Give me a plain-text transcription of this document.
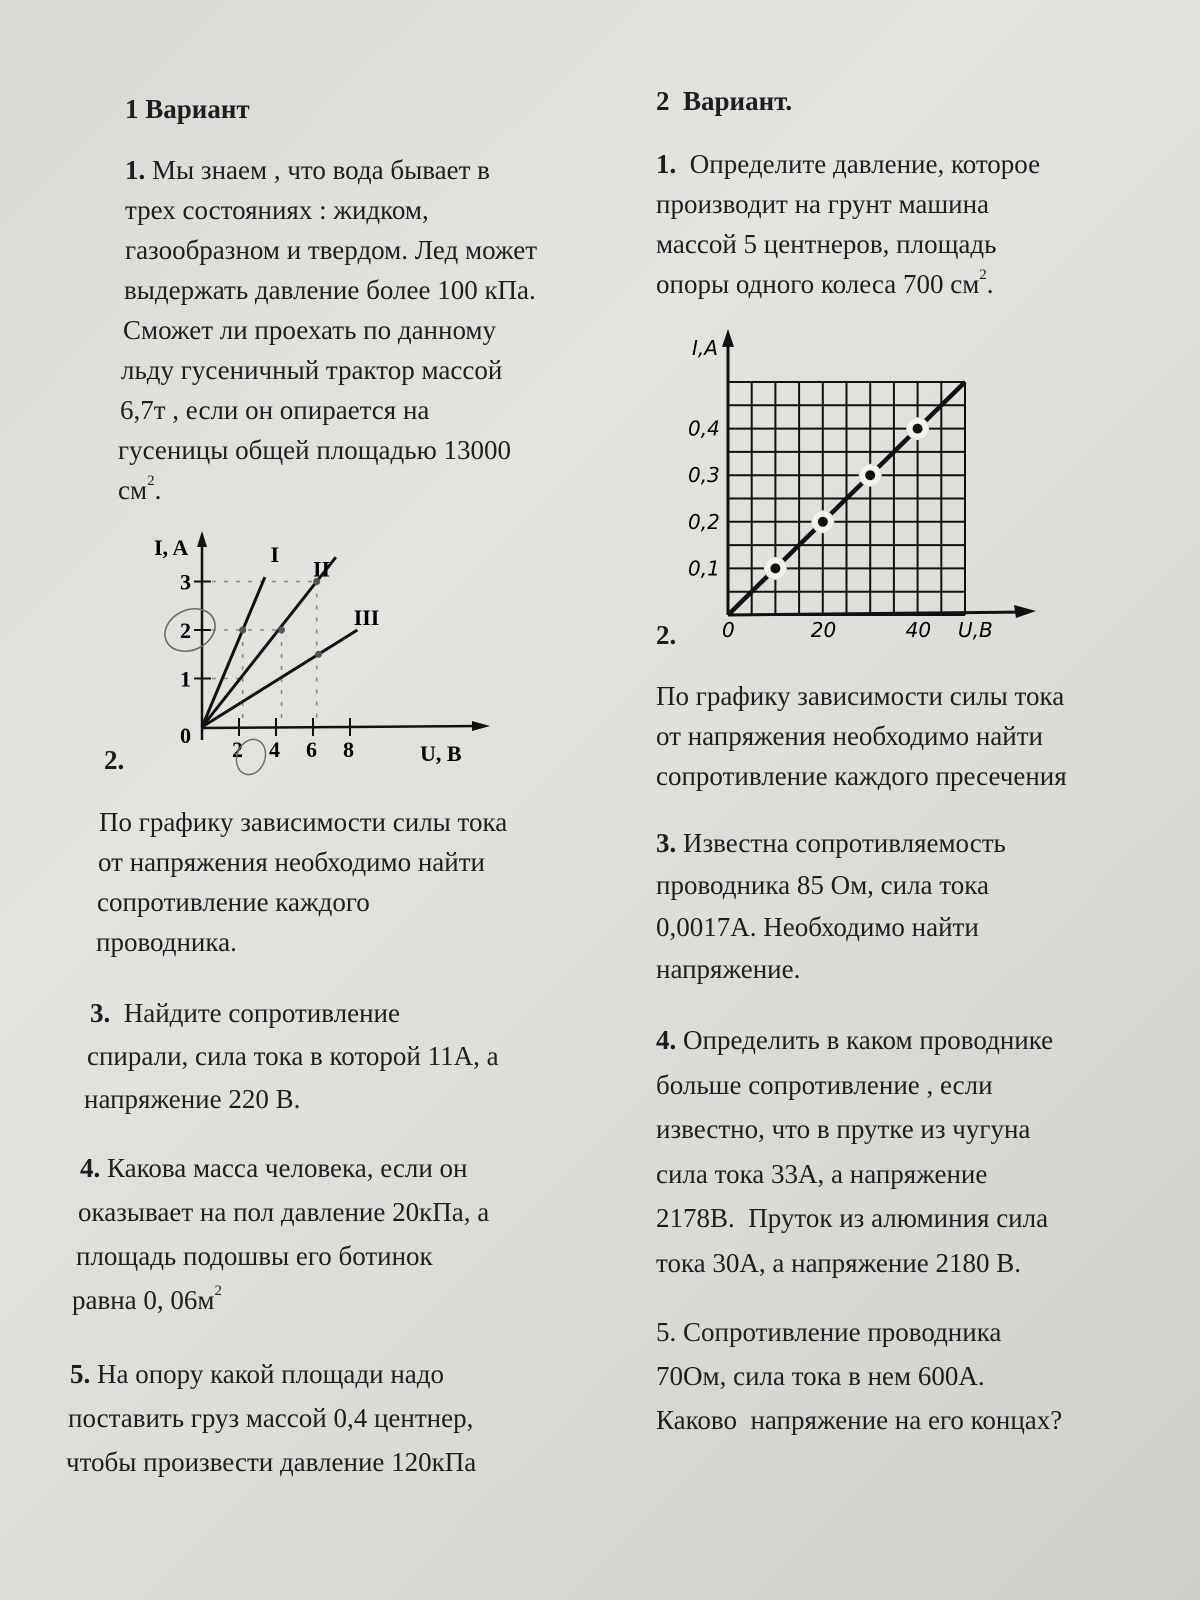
1 Вариант
1. Мы знаем , что вода бывает в
трех состояниях : жидком,
газообразном и твердом. Лед может
выдержать давление более 100 кПа.
Сможет ли проехать по данному
льду гусеничный трактор массой
6,7т , если он опирается на
гусеницы общей площадью 13000
$см^2$.
I, A
U, B
0
2 4 6 8
1
2
3
I
II
III
2.
По графику зависимости силы тока
от напряжения необходимо найти
сопротивление каждого
проводника.
3. Найдите сопротивление
спирали, сила тока в которой 11А, а
напряжение 220 В.
4. Какова масса человека, если он
оказывает на пол давление 20кПа, а
площадь подошвы его ботинок
равна 0, $06м^2$
5. На опору какой площади надо
поставить груз массой 0,4 центнер,
чтобы произвести давление 120кПа
2  Вариант.
1. Определите давление, которое
производит на грунт машина
массой 5 центнеров, площадь
опоры одного колеса 700 $см^2$.
I,A
U,B
0	20	40
0,1
0,2
0,3
0,4
2.
По графику зависимости силы тока
от напряжения необходимо найти
сопротивление каждого пресечения
3. Известна сопротивляемость
проводника 85 Ом, сила тока
0,0017А. Необходимо найти
напряжение.
4. Определить в каком проводнике
больше сопротивление , если
известно, что в прутке из чугуна
сила тока 33А, а напряжение
2178В.  Пруток из алюминия сила
тока 30А, а напряжение 2180 В.
5. Сопротивление проводника
70Ом, сила тока в нем 600А.
Каково  напряжение на его концах?
